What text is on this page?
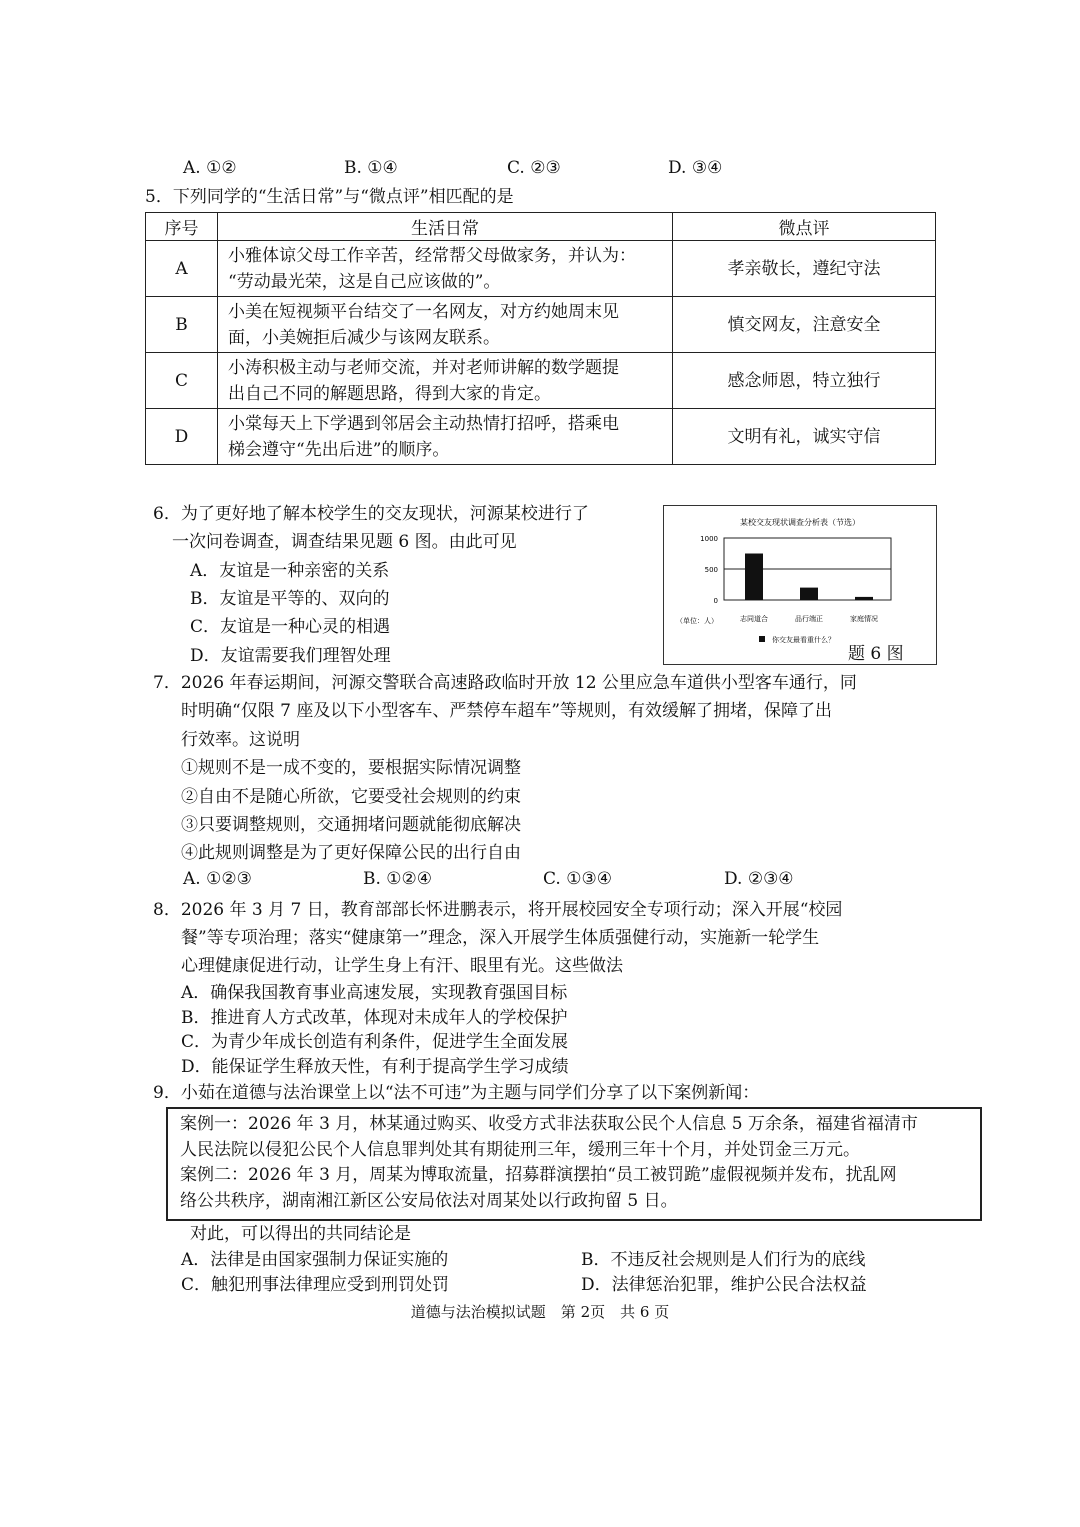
A. ①②	B. ①④	C. ②③	D. ③④
5．下列同学的“生活日常”与“微点评”相匹配的是
序号	生活日常	微点评
A	小雅体谅父母工作辛苦，经常帮父母做家务，并认为：
“劳动最光荣，这是自己应该做的”。	孝亲敬长，遵纪守法
B	小美在短视频平台结交了一名网友，对方约她周末见
面，小美婉拒后减少与该网友联系。	慎交网友，注意安全
C	小涛积极主动与老师交流，并对老师讲解的数学题提
出自己不同的解题思路，得到大家的肯定。	感念师恩，特立独行
D	小棠每天上下学遇到邻居会主动热情打招呼，搭乘电
梯会遵守“先出后进”的顺序。	文明有礼，诚实守信
6．为了更好地了解本校学生的交友现状，河源某校进行了
一次问卷调查，调查结果见题 6 图。由此可见
A．友谊是一种亲密的关系
B．友谊是平等的、双向的
C．友谊是一种心灵的相遇
D．友谊需要我们理智处理
某校交友现状调查分析表（节选）
1000
500
0
志同道合	品行端正	家庭情况
（单位：人）
你交友最看重什么？
题 6 图
7．2026 年春运期间，河源交警联合高速路政临时开放 12 公里应急车道供小型客车通行，同
时明确“仅限 7 座及以下小型客车、严禁停车超车”等规则，有效缓解了拥堵，保障了出
行效率。这说明
①规则不是一成不变的，要根据实际情况调整
②自由不是随心所欲，它要受社会规则的约束
③只要调整规则，交通拥堵问题就能彻底解决
④此规则调整是为了更好保障公民的出行自由
A. ①②③	B. ①②④	C. ①③④	D. ②③④
8．2026 年 3 月 7 日，教育部部长怀进鹏表示，将开展校园安全专项行动；深入开展“校园
餐”等专项治理；落实“健康第一”理念，深入开展学生体质强健行动，实施新一轮学生
心理健康促进行动，让学生身上有汗、眼里有光。这些做法
A．确保我国教育事业高速发展，实现教育强国目标
B．推进育人方式改革，体现对未成年人的学校保护
C．为青少年成长创造有利条件，促进学生全面发展
D．能保证学生释放天性，有利于提高学生学习成绩
9．小茹在道德与法治课堂上以“法不可违”为主题与同学们分享了以下案例新闻：
案例一：2026 年 3 月，林某通过购买、收受方式非法获取公民个人信息 5 万余条，福建省福清市
人民法院以侵犯公民个人信息罪判处其有期徒刑三年，缓刑三年十个月，并处罚金三万元。
案例二：2026 年 3 月，周某为博取流量，招募群演摆拍“员工被罚跪”虚假视频并发布，扰乱网
络公共秩序，湖南湘江新区公安局依法对周某处以行政拘留 5 日。
对此，可以得出的共同结论是
A．法律是由国家强制力保证实施的	B．不违反社会规则是人们行为的底线
C．触犯刑事法律理应受到刑罚处罚	D．法律惩治犯罪，维护公民合法权益
道德与法治模拟试题　第 2页　共 6 页
